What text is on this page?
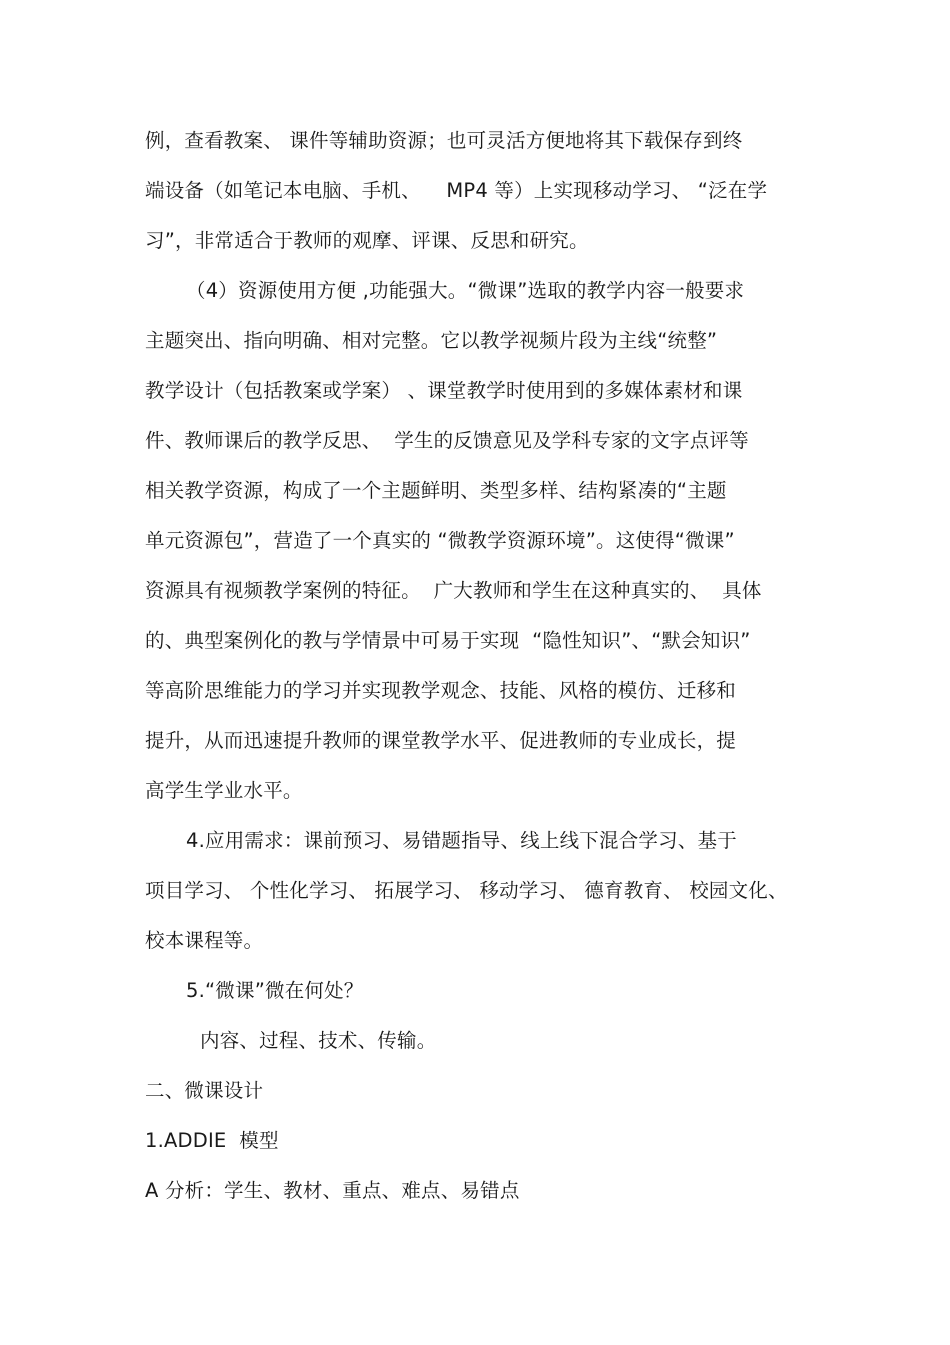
例，查看教案、 课件等辅助资源；也可灵活方便地将其下载保存到终

端设备（如笔记本电脑、手机、    MP4 等）上实现移动学习、 “泛在学

习”，非常适合于教师的观摩、评课、反思和研究。

（4）资源使用方便 ,功能强大。“微课”选取的教学内容一般要求

主题突出、指向明确、相对完整。它以教学视频片段为主线“统整”

教学设计（包括教案或学案） 、课堂教学时使用到的多媒体素材和课

件、教师课后的教学反思、  学生的反馈意见及学科专家的文字点评等

相关教学资源，构成了一个主题鲜明、类型多样、结构紧凑的“主题

单元资源包”，营造了一个真实的 “微教学资源环境”。这使得“微课”

资源具有视频教学案例的特征。  广大教师和学生在这种真实的、  具体

的、典型案例化的教与学情景中可易于实现  “隐性知识”、“默会知识”

等高阶思维能力的学习并实现教学观念、技能、风格的模仿、迁移和

提升，从而迅速提升教师的课堂教学水平、促进教师的专业成长，提

高学生学业水平。

4.应用需求：课前预习、易错题指导、线上线下混合学习、基于

项目学习、 个性化学习、 拓展学习、 移动学习、 德育教育、 校园文化、

校本课程等。

5.“微课”微在何处？

内容、过程、技术、传输。

二、微课设计

1.ADDIE  模型

A 分析：学生、教材、重点、难点、易错点
